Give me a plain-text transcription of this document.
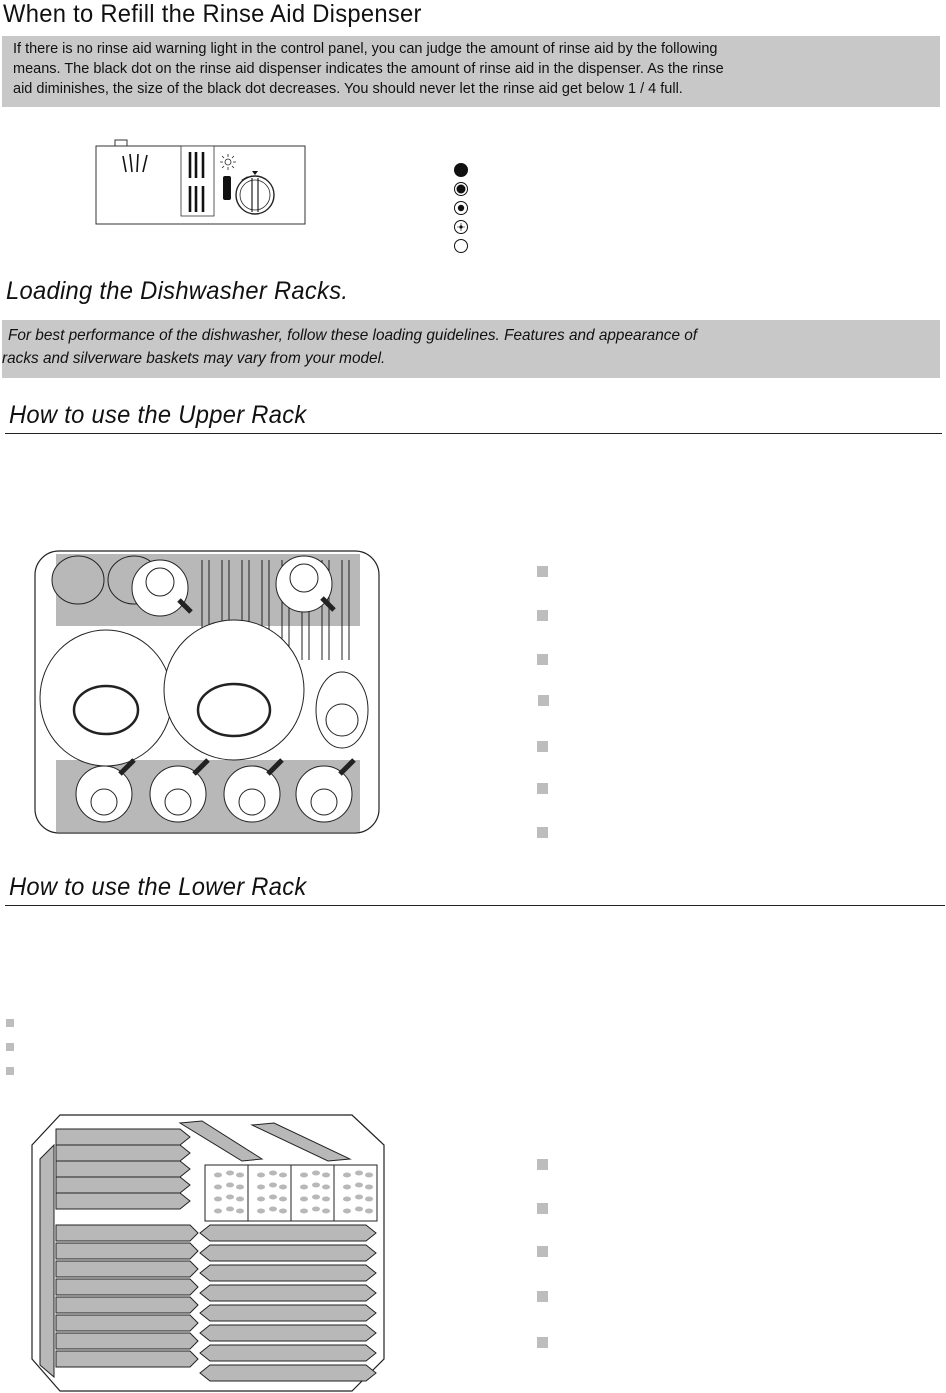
When to Refill the Rinse Aid Dispenser
If there is no rinse aid warning light in the control panel, you can judge the amount of rinse aid by the following
means. The black dot on the rinse aid dispenser indicates the amount of rinse aid in the dispenser. As the rinse
aid diminishes, the size of the black dot decreases. You should never let the rinse aid get below 1 / 4 full.
Loading the Dishwasher Racks.
For best performance of the dishwasher, follow these loading guidelines. Features and appearance of
racks and silverware baskets may vary from your model.
How to use the Upper Rack
How to use the Lower Rack
